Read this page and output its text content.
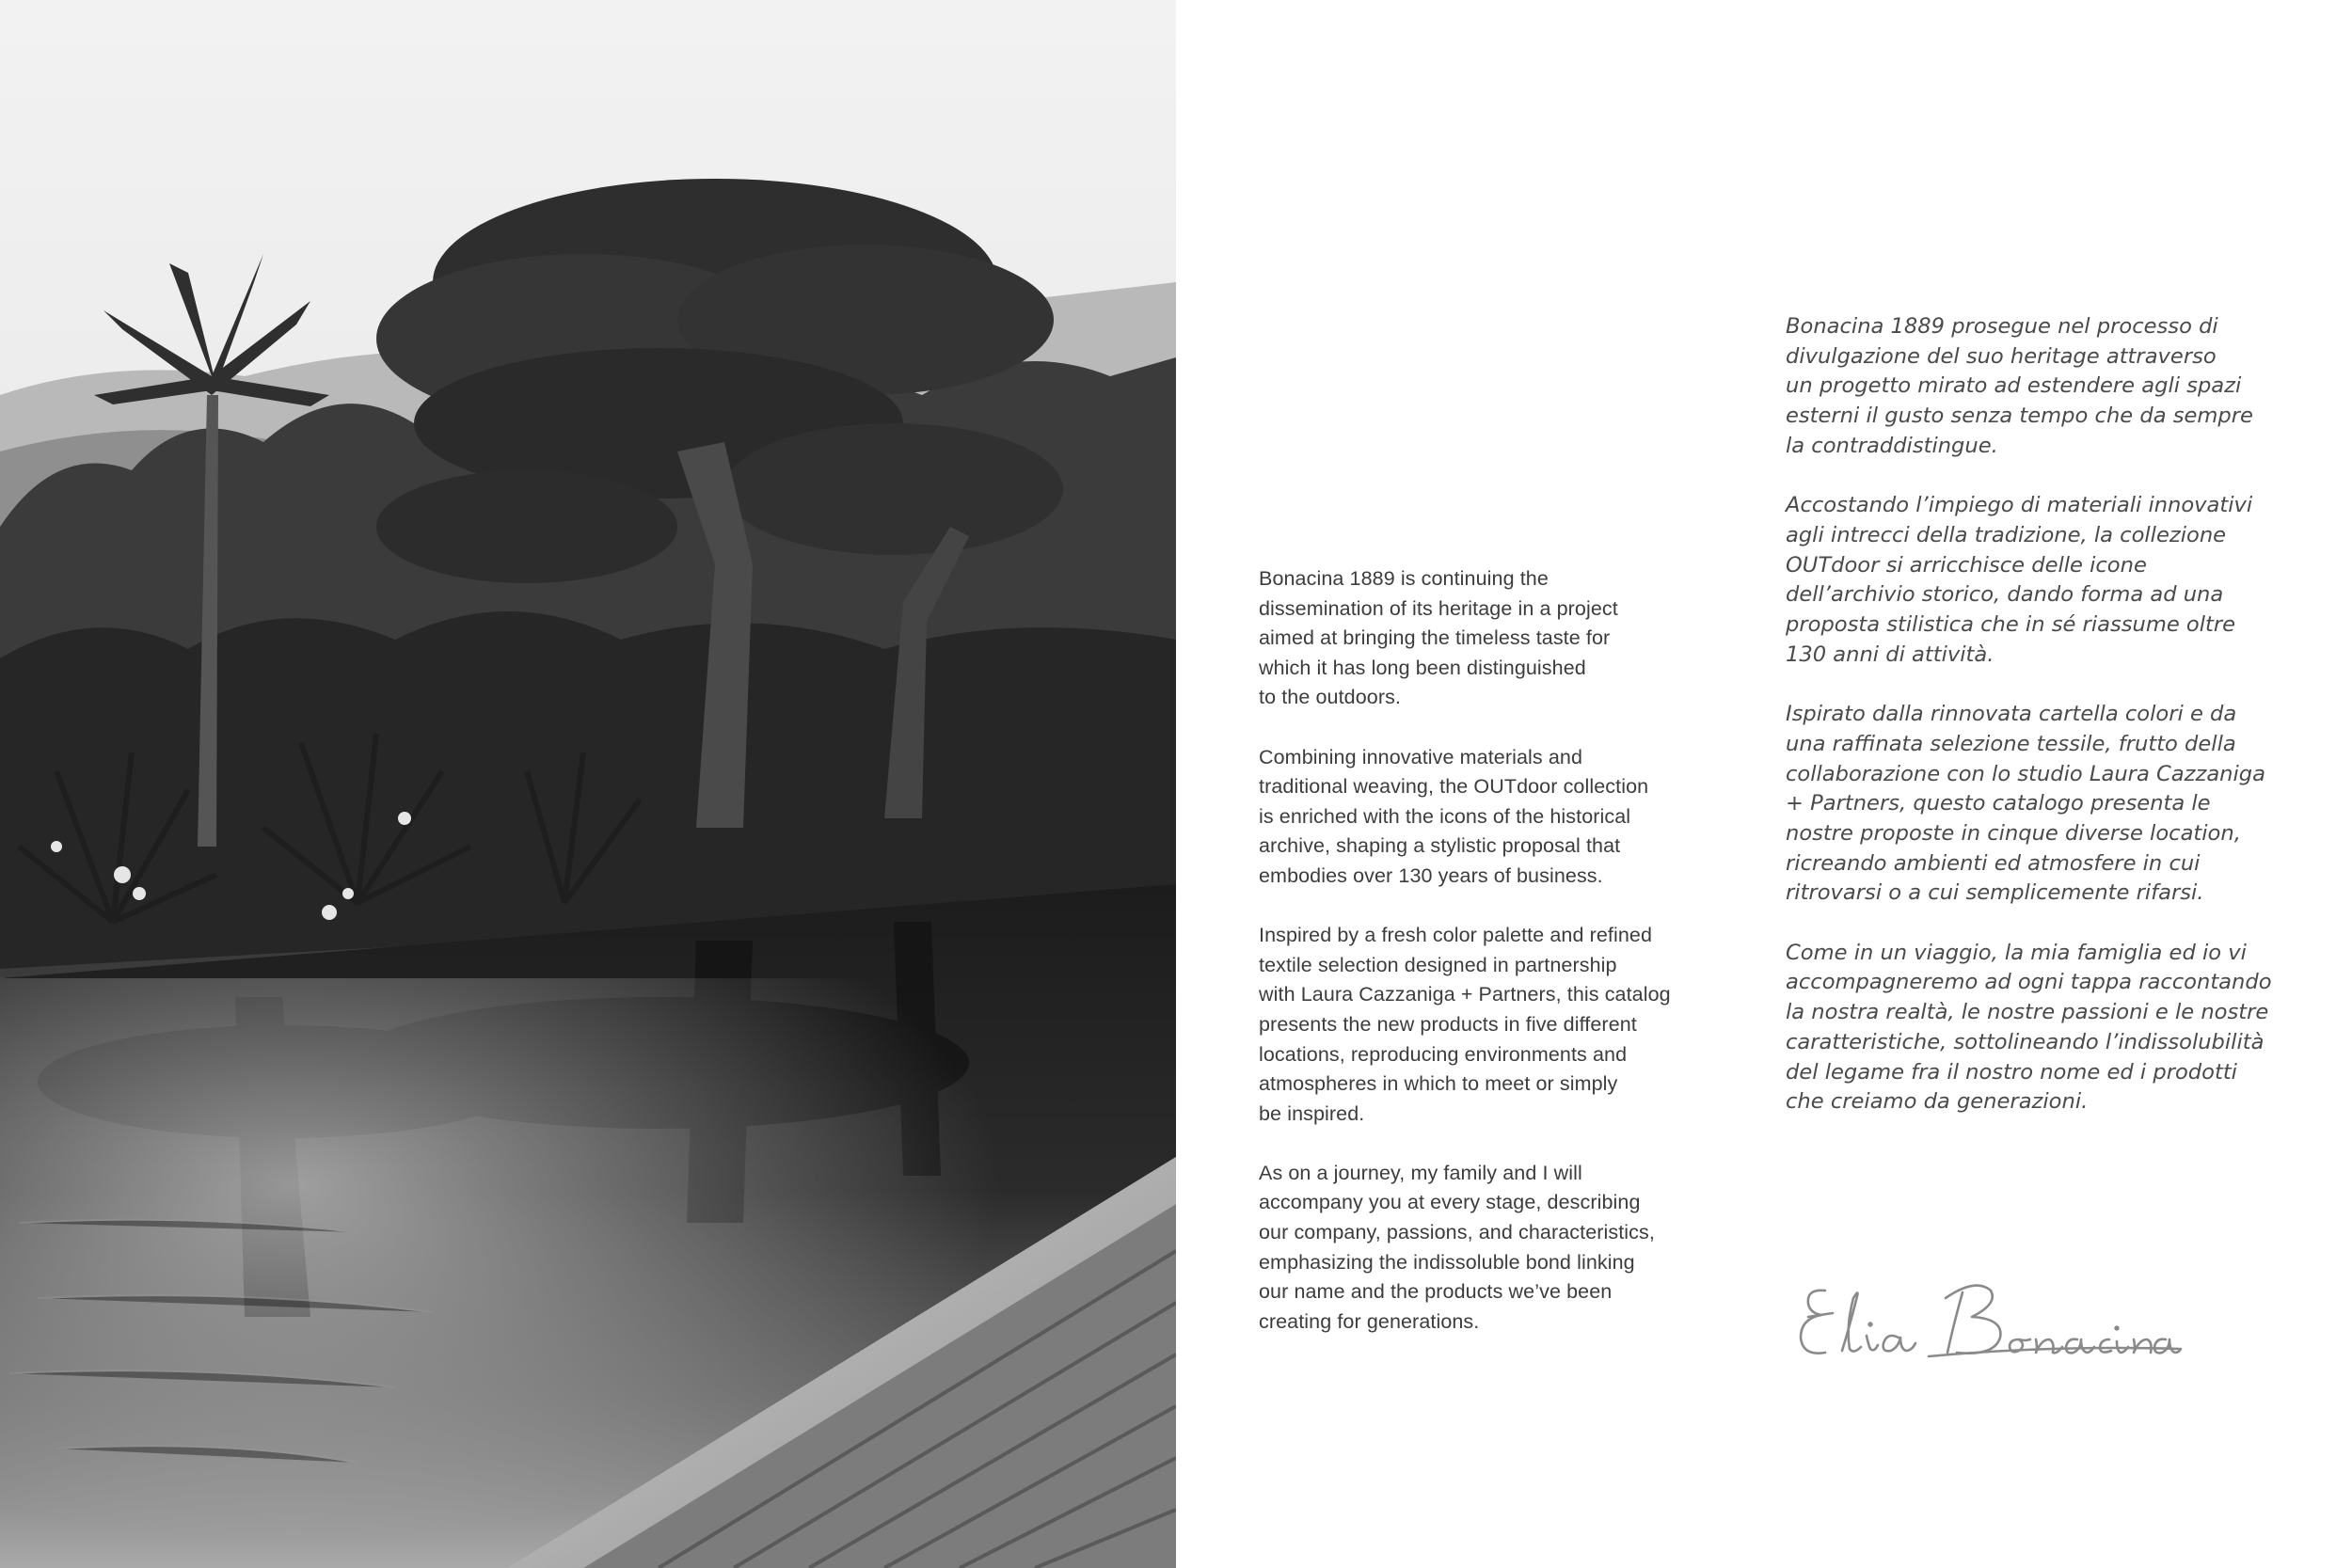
Bonacina 1889 is continuing the
dissemination of its heritage in a project
aimed at bringing the timeless taste for
which it has long been distinguished
to the outdoors.

Combining innovative materials and
traditional weaving, the OUTdoor collection
is enriched with the icons of the historical
archive, shaping a stylistic proposal that
embodies over 130 years of business.

Inspired by a fresh color palette and refined
textile selection designed in partnership
with Laura Cazzaniga + Partners, this catalog
presents the new products in five different
locations, reproducing environments and
atmospheres in which to meet or simply
be inspired.

As on a journey, my family and I will
accompany you at every stage, describing
our company, passions, and characteristics,
emphasizing the indissoluble bond linking
our name and the products we’ve been
creating for generations.

Bonacina 1889 prosegue nel processo di
divulgazione del suo heritage attraverso
un progetto mirato ad estendere agli spazi
esterni il gusto senza tempo che da sempre
la contraddistingue.

Accostando l’impiego di materiali innovativi
agli intrecci della tradizione, la collezione
OUTdoor si arricchisce delle icone
dell’archivio storico, dando forma ad una
proposta stilistica che in sé riassume oltre
130 anni di attività.

Ispirato dalla rinnovata cartella colori e da
una raffinata selezione tessile, frutto della
collaborazione con lo studio Laura Cazzaniga
+ Partners, questo catalogo presenta le
nostre proposte in cinque diverse location,
ricreando ambienti ed atmosfere in cui
ritrovarsi o a cui semplicemente rifarsi.

Come in un viaggio, la mia famiglia ed io vi
accompagneremo ad ogni tappa raccontando
la nostra realtà, le nostre passioni e le nostre
caratteristiche, sottolineando l’indissolubilità
del legame fra il nostro nome ed i prodotti
che creiamo da generazioni.
